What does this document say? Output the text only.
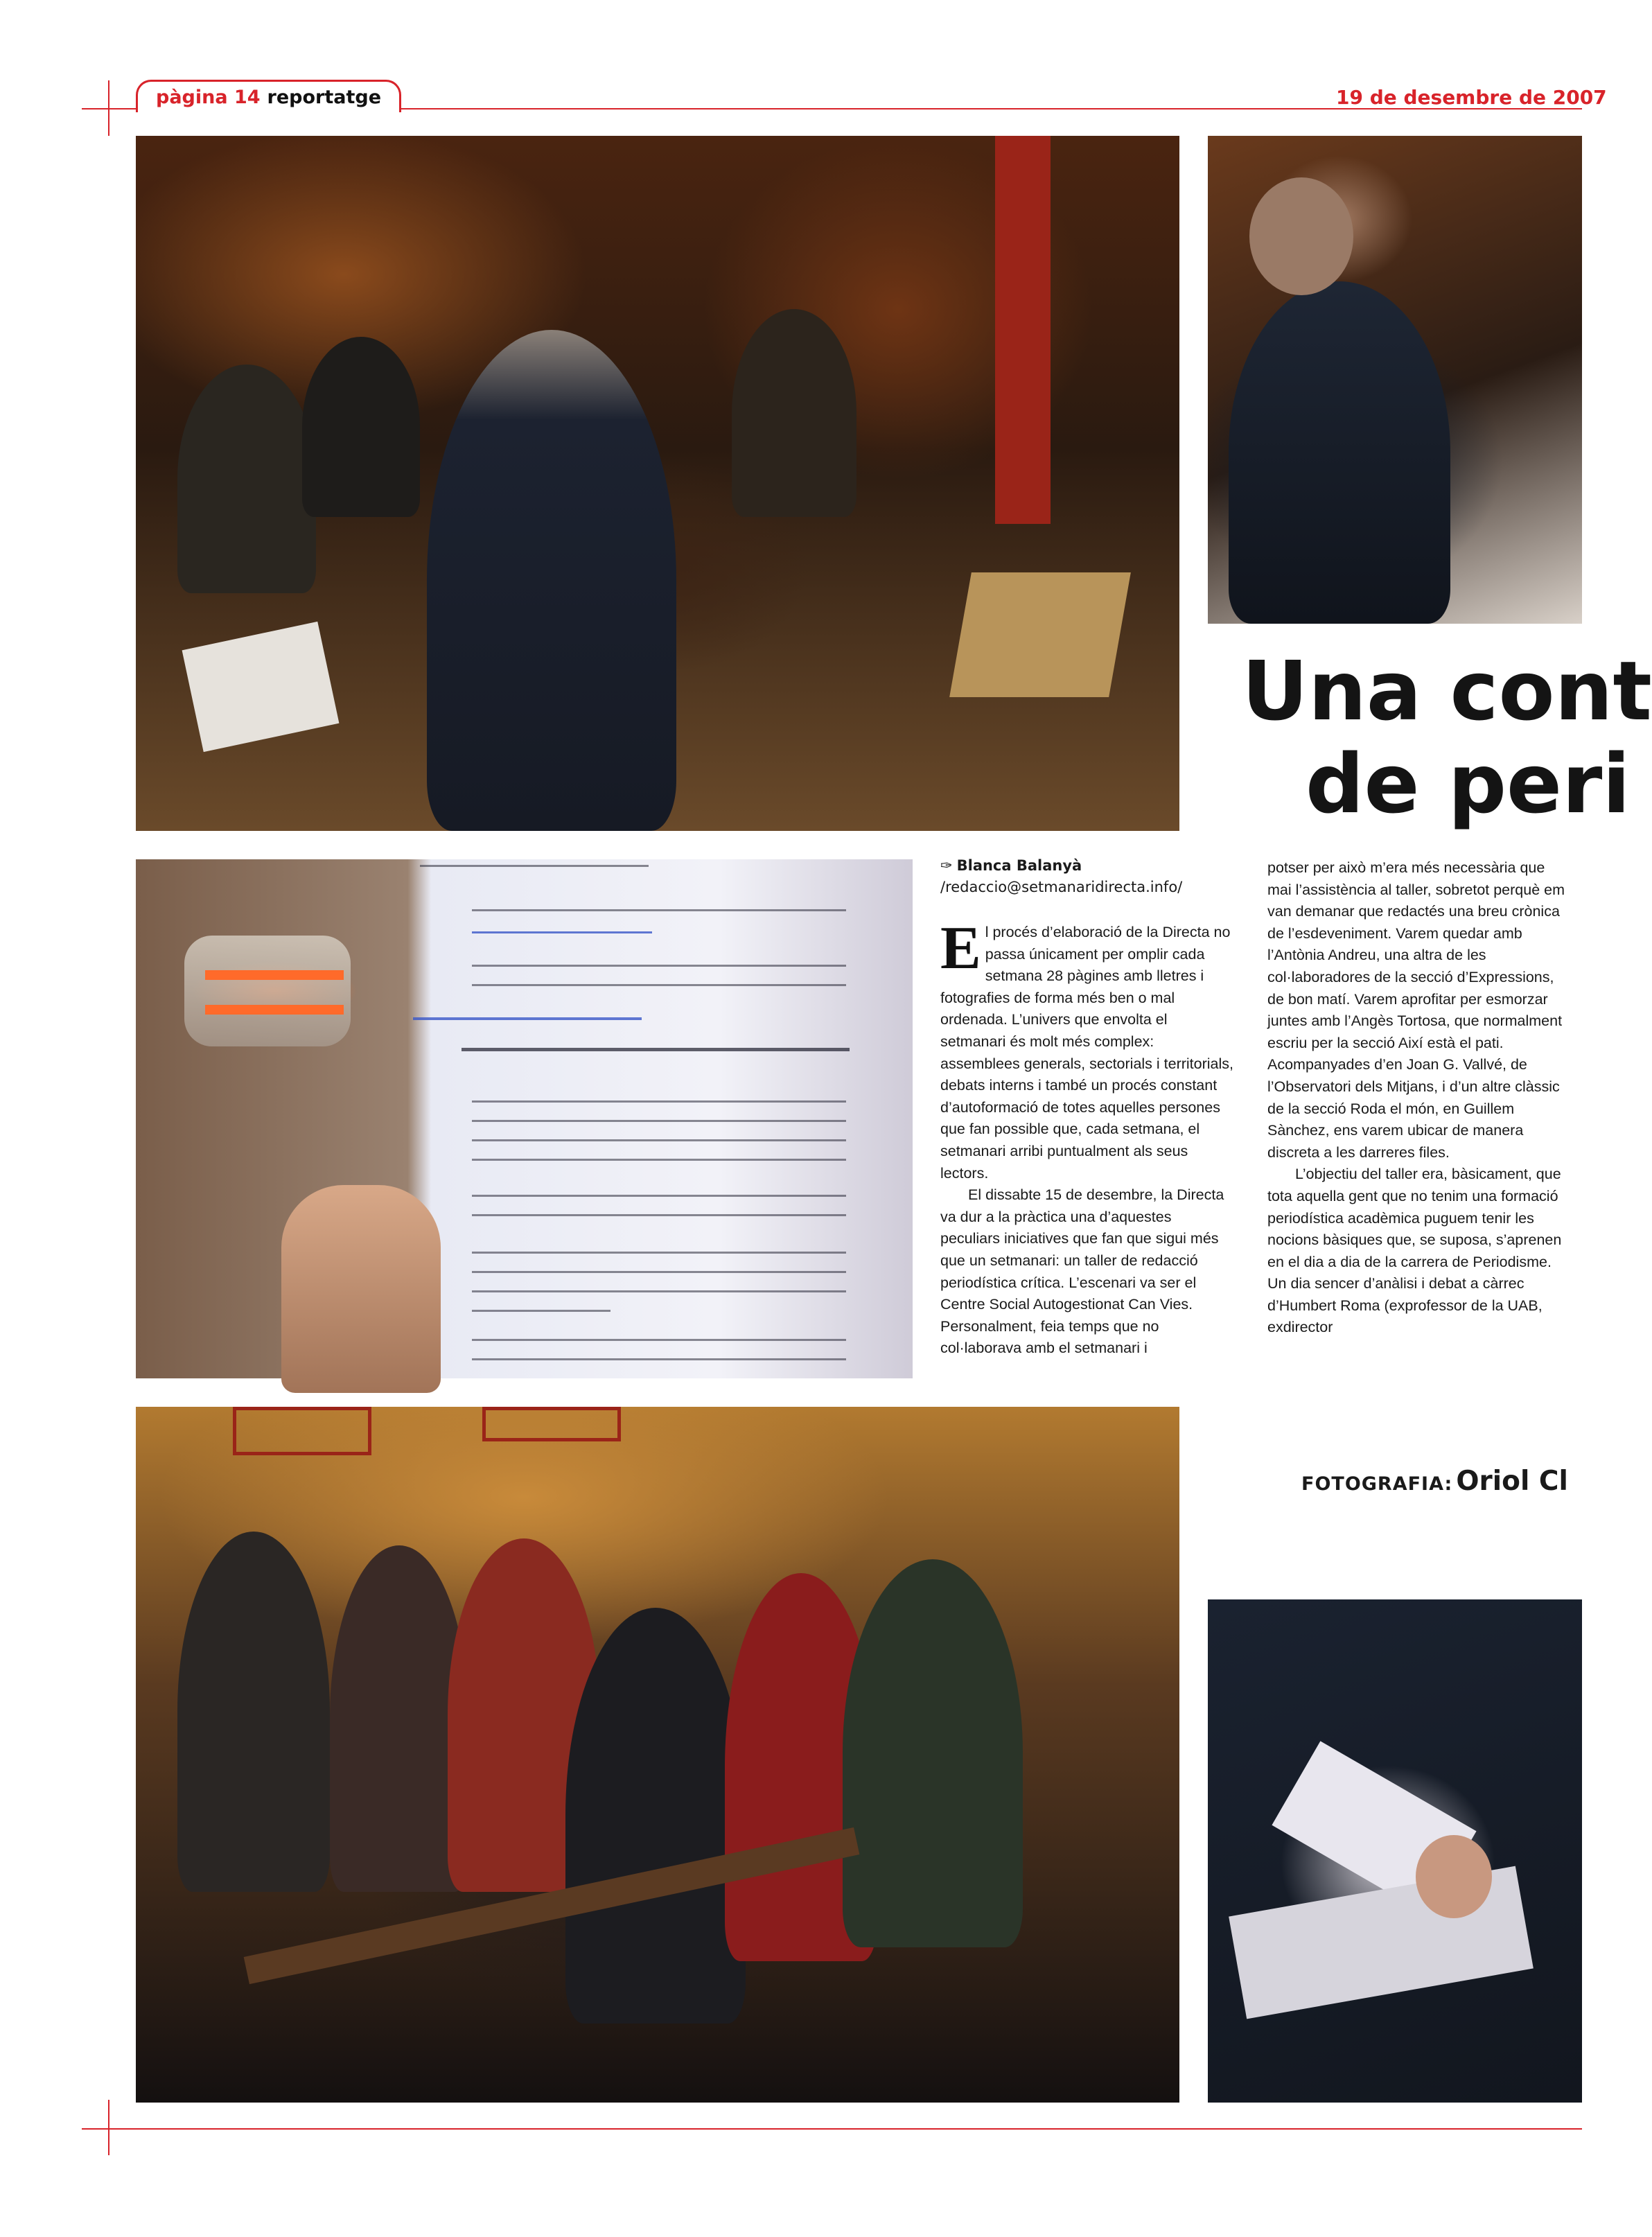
pàgina 14 reportatge	19 de desembre de 2007
Una cont
de peri
✑ Blanca Balanyà
/redaccio@setmanaridirecta.info/

El procés d’elaboració de la Directa no passa únicament per omplir cada setmana 28 pàgines amb lletres i fotografies de forma més ben o mal ordenada. L’univers que envolta el setmanari és molt més complex: assemblees generals, sectorials i territorials, debats interns i també un procés constant d’autoformació de totes aquelles persones que fan possible que, cada setmana, el setmanari arribi puntualment als seus lectors.

El dissabte 15 de desembre, la Directa va dur a la pràctica una d’aquestes peculiars iniciatives que fan que sigui més que un setmanari: un taller de redacció periodística crítica. L’escenari va ser el Centre Social Autogestionat Can Vies. Personalment, feia temps que no col·laborava amb el setmanari i

potser per això m’era més necessària que mai l’assistència al taller, sobretot perquè em van demanar que redactés una breu crònica de l’esdeveniment. Varem quedar amb l’Antònia Andreu, una altra de les col·laboradores de la secció d’Expressions, de bon matí. Varem aprofitar per esmorzar juntes amb l’Angès Tortosa, que normalment escriu per la secció Així està el pati. Acompanyades d’en Joan G. Vallvé, de l’Observatori dels Mitjans, i d’un altre clàssic de la secció Roda el món, en Guillem Sànchez, ens varem ubicar de manera discreta a les darreres files.

L’objectiu del taller era, bàsicament, que tota aquella gent que no tenim una formació periodística acadèmica puguem tenir les nocions bàsiques que, se suposa, s’aprenen en el dia a dia de la carrera de Periodisme. Un dia sencer d’anàlisi i debat a càrrec d’Humbert Roma (exprofessor de la UAB, exdirector

FOTOGRAFIA: Oriol Cl
